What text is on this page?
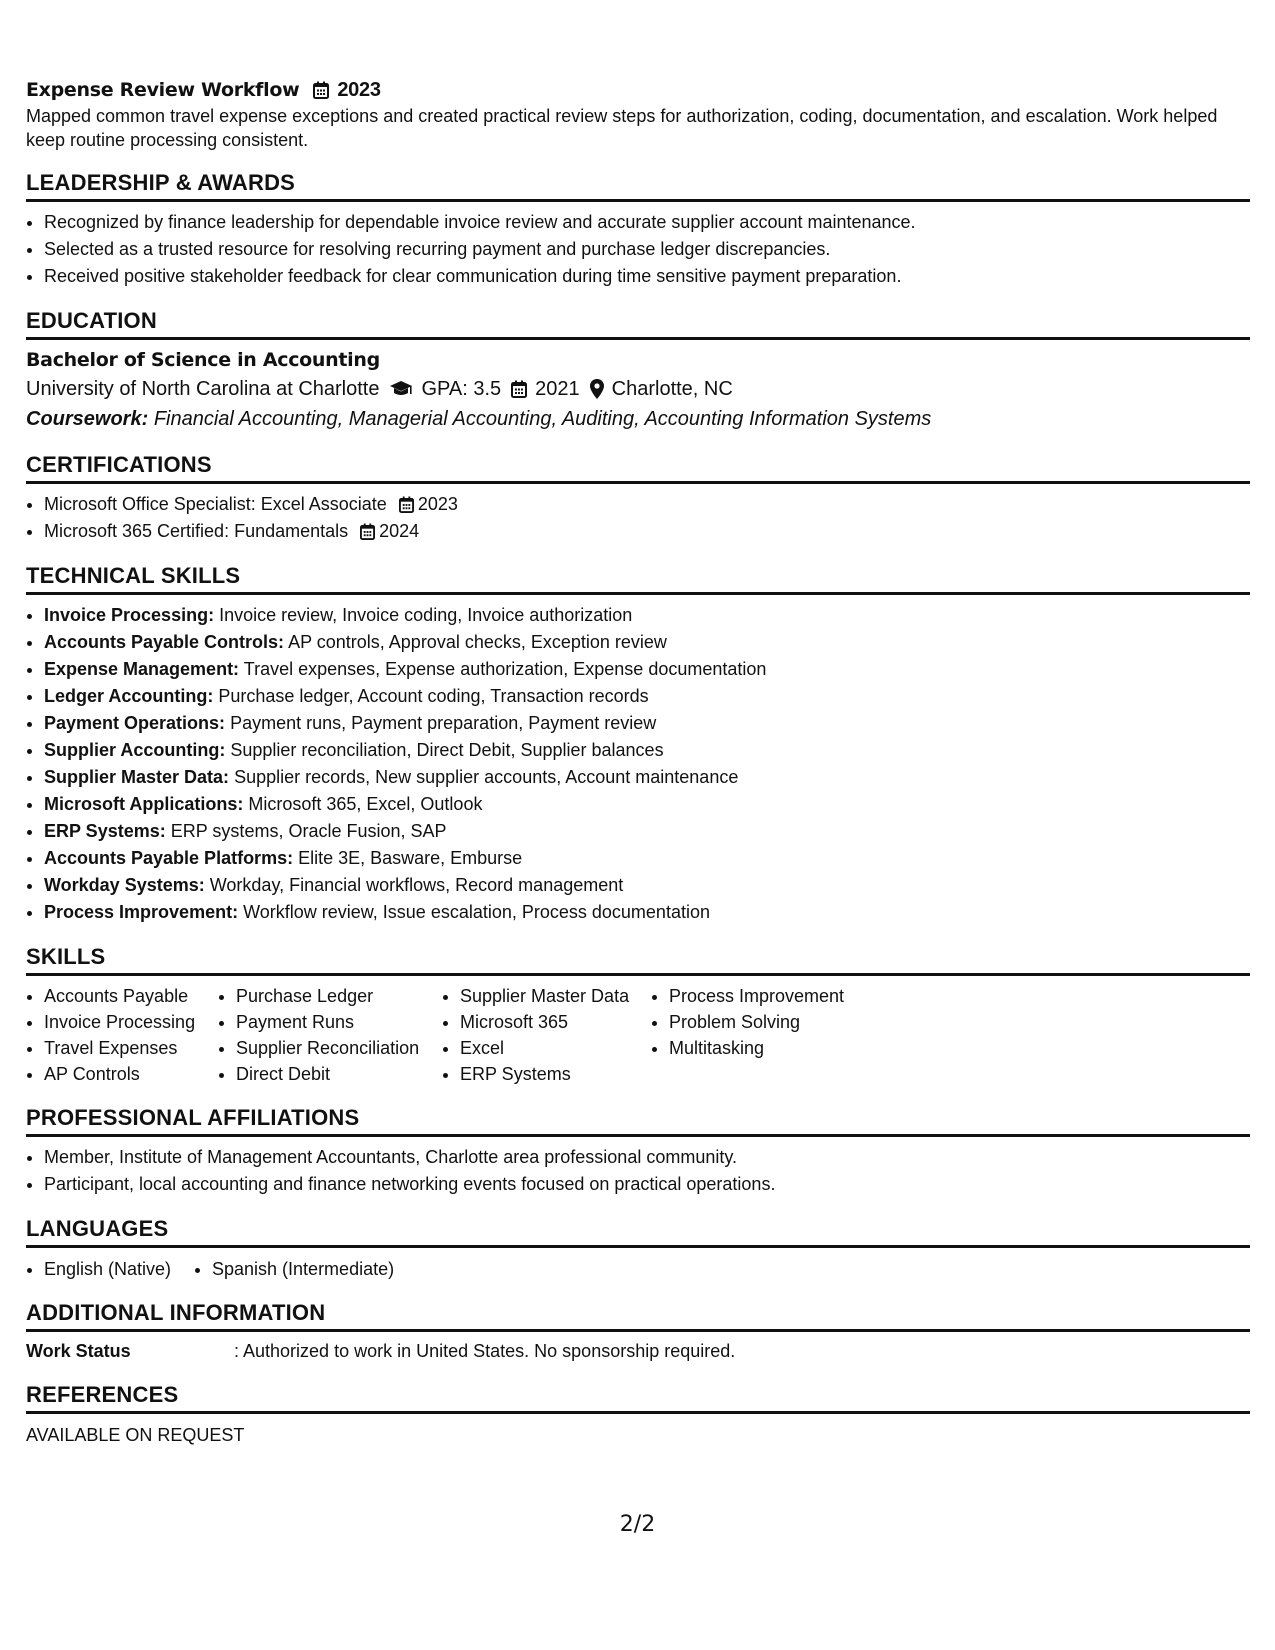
Expense Review Workflow 2023
Mapped common travel expense exceptions and created practical review steps for authorization, coding, documentation, and escalation. Work helped keep routine processing consistent.
LEADERSHIP & AWARDS
• Recognized by finance leadership for dependable invoice review and accurate supplier account maintenance.
• Selected as a trusted resource for resolving recurring payment and purchase ledger discrepancies.
• Received positive stakeholder feedback for clear communication during time sensitive payment preparation.
EDUCATION
Bachelor of Science in Accounting
University of North Carolina at Charlotte GPA: 3.5 2021 Charlotte, NC
Coursework: Financial Accounting, Managerial Accounting, Auditing, Accounting Information Systems
CERTIFICATIONS
• Microsoft Office Specialist: Excel Associate 2023
• Microsoft 365 Certified: Fundamentals 2024
TECHNICAL SKILLS
• Invoice Processing: Invoice review, Invoice coding, Invoice authorization
• Accounts Payable Controls: AP controls, Approval checks, Exception review
• Expense Management: Travel expenses, Expense authorization, Expense documentation
• Ledger Accounting: Purchase ledger, Account coding, Transaction records
• Payment Operations: Payment runs, Payment preparation, Payment review
• Supplier Accounting: Supplier reconciliation, Direct Debit, Supplier balances
• Supplier Master Data: Supplier records, New supplier accounts, Account maintenance
• Microsoft Applications: Microsoft 365, Excel, Outlook
• ERP Systems: ERP systems, Oracle Fusion, SAP
• Accounts Payable Platforms: Elite 3E, Basware, Emburse
• Workday Systems: Workday, Financial workflows, Record management
• Process Improvement: Workflow review, Issue escalation, Process documentation
SKILLS
• Accounts Payable
• Invoice Processing
• Travel Expenses
• AP Controls
• Purchase Ledger
• Payment Runs
• Supplier Reconciliation
• Direct Debit
• Supplier Master Data
• Microsoft 365
• Excel
• ERP Systems
• Process Improvement
• Problem Solving
• Multitasking
PROFESSIONAL AFFILIATIONS
• Member, Institute of Management Accountants, Charlotte area professional community.
• Participant, local accounting and finance networking events focused on practical operations.
LANGUAGES
• English (Native)
•	Spanish (Intermediate)
ADDITIONAL INFORMATION
Work Status	: Authorized to work in United States. No sponsorship required.
REFERENCES
AVAILABLE ON REQUEST
2/2
